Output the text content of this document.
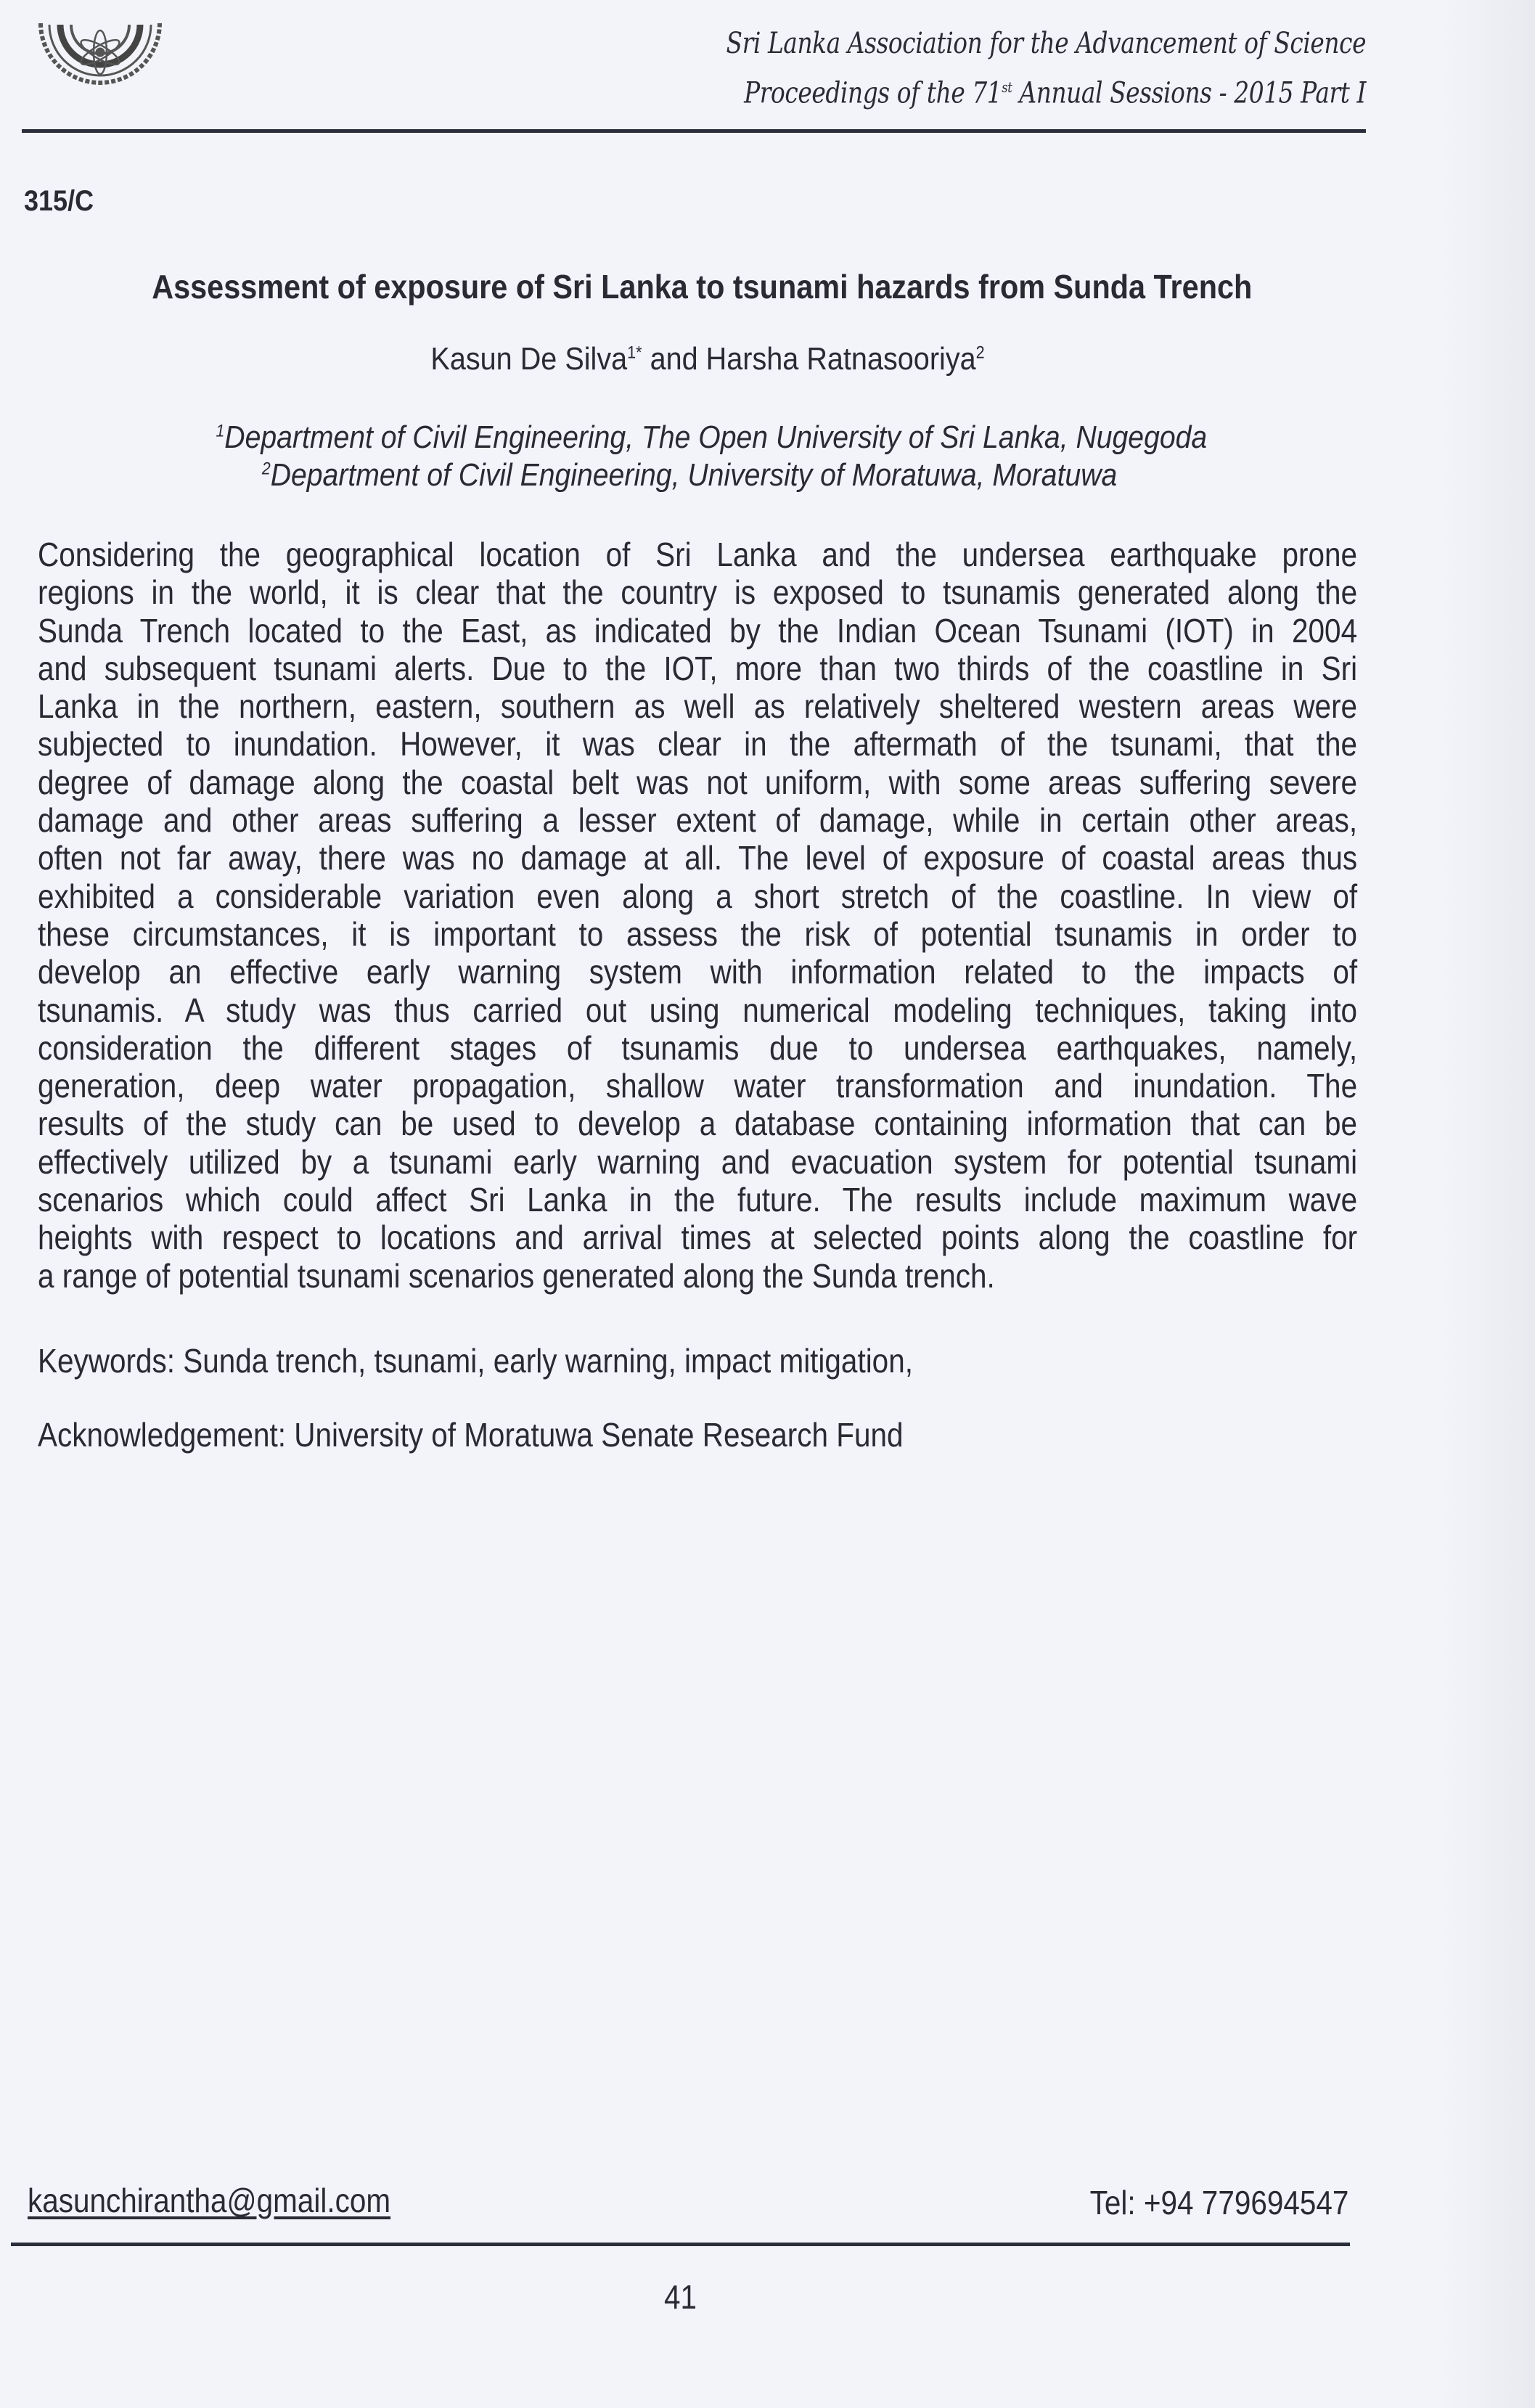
Sri Lanka Association for the Advancement of Science
Proceedings of the 71st Annual Sessions - 2015 Part I
315/C
Assessment of exposure of Sri Lanka to tsunami hazards from Sunda Trench
Kasun De Silva$^{1*}$ and Harsha Ratnasooriya$^2$
$^1$Department of Civil Engineering, The Open University of Sri Lanka, Nugegoda
$^2$Department of Civil Engineering, University of Moratuwa, Moratuwa
Considering the geographical location of Sri Lanka and the undersea earthquake prone
regions in the world, it is clear that the country is exposed to tsunamis generated along the
Sunda Trench located to the East, as indicated by the Indian Ocean Tsunami (IOT) in 2004
and subsequent tsunami alerts. Due to the IOT, more than two thirds of the coastline in Sri
Lanka in the northern, eastern, southern as well as relatively sheltered western areas were
subjected to inundation. However, it was clear in the aftermath of the tsunami, that the
degree of damage along the coastal belt was not uniform, with some areas suffering severe
damage and other areas suffering a lesser extent of damage, while in certain other areas,
often not far away, there was no damage at all. The level of exposure of coastal areas thus
exhibited a considerable variation even along a short stretch of the coastline. In view of
these circumstances, it is important to assess the risk of potential tsunamis in order to
develop an effective early warning system with information related to the impacts of
tsunamis. A study was thus carried out using numerical modeling techniques, taking into
consideration the different stages of tsunamis due to undersea earthquakes, namely,
generation, deep water propagation, shallow water transformation and inundation. The
results of the study can be used to develop a database containing information that can be
effectively utilized by a tsunami early warning and evacuation system for potential tsunami
scenarios which could affect Sri Lanka in the future. The results include maximum wave
heights with respect to locations and arrival times at selected points along the coastline for
a range of potential tsunami scenarios generated along the Sunda trench.
Keywords: Sunda trench, tsunami, early warning, impact mitigation,
Acknowledgement: University of Moratuwa Senate Research Fund
kasunchirantha@gmail.com	Tel: +94 779694547
41
